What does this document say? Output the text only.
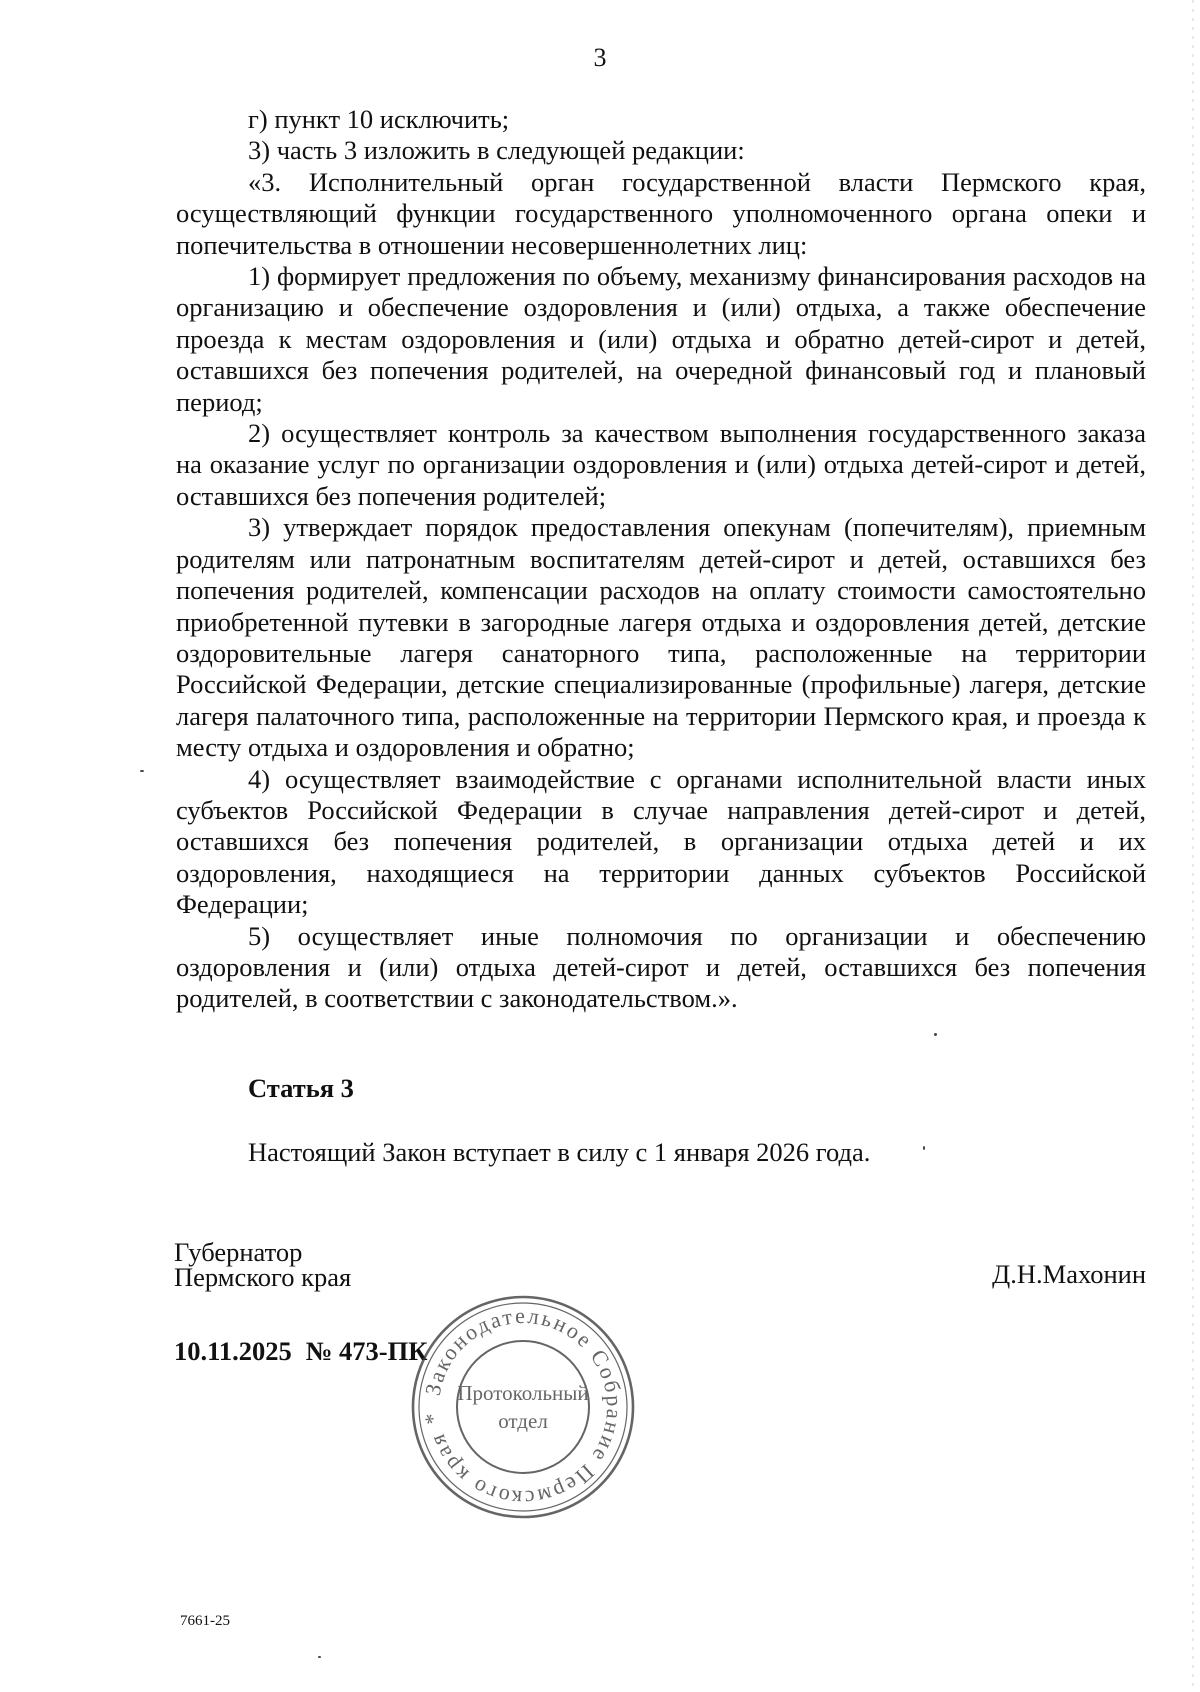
3

г) пункт 10 исключить;

3) часть 3 изложить в следующей редакции:

«3. Исполнительный орган государственной власти Пермского края, осуществляющий функции государственного уполномоченного органа опеки и попечительства в отношении несовершеннолетних лиц:

1) формирует предложения по объему, механизму финансирования расходов на организацию и обеспечение оздоровления и (или) отдыха, а также обеспечение проезда к местам оздоровления и (или) отдыха и обратно детей-сирот и детей, оставшихся без попечения родителей, на очередной финансовый год и плановый период;

2) осуществляет контроль за качеством выполнения государственного заказа на оказание услуг по организации оздоровления и (или) отдыха детей-сирот и детей, оставшихся без попечения родителей;

3) утверждает порядок предоставления опекунам (попечителям), приемным родителям или патронатным воспитателям детей-сирот и детей, оставшихся без попечения родителей, компенсации расходов на оплату стоимости самостоятельно приобретенной путевки в загородные лагеря отдыха и оздоровления детей, детские оздоровительные лагеря санаторного типа, расположенные на территории Российской Федерации, детские специализированные (профильные) лагеря, детские лагеря палаточного типа, расположенные на территории Пермского края, и проезда к месту отдыха и оздоровления и обратно;

4) осуществляет взаимодействие с органами исполнительной власти иных субъектов Российской Федерации в случае направления детей-сирот и детей, оставшихся без попечения родителей, в организации отдыха детей и их оздоровления, находящиеся на территории данных субъектов Российской Федерации;

5) осуществляет иные полномочия по организации и обеспечению оздоровления и (или) отдыха детей-сирот и детей, оставшихся без попечения родителей, в соответствии с законодательством.».

Статья 3
Настоящий Закон вступает в силу с 1 января 2026 года.
Губернатор
Пермского края	Д.Н.Махонин
10.11.2025 № 473-ПК
Законодательное Собрание Пермского края *
Протокольный
отдел
7661-25
